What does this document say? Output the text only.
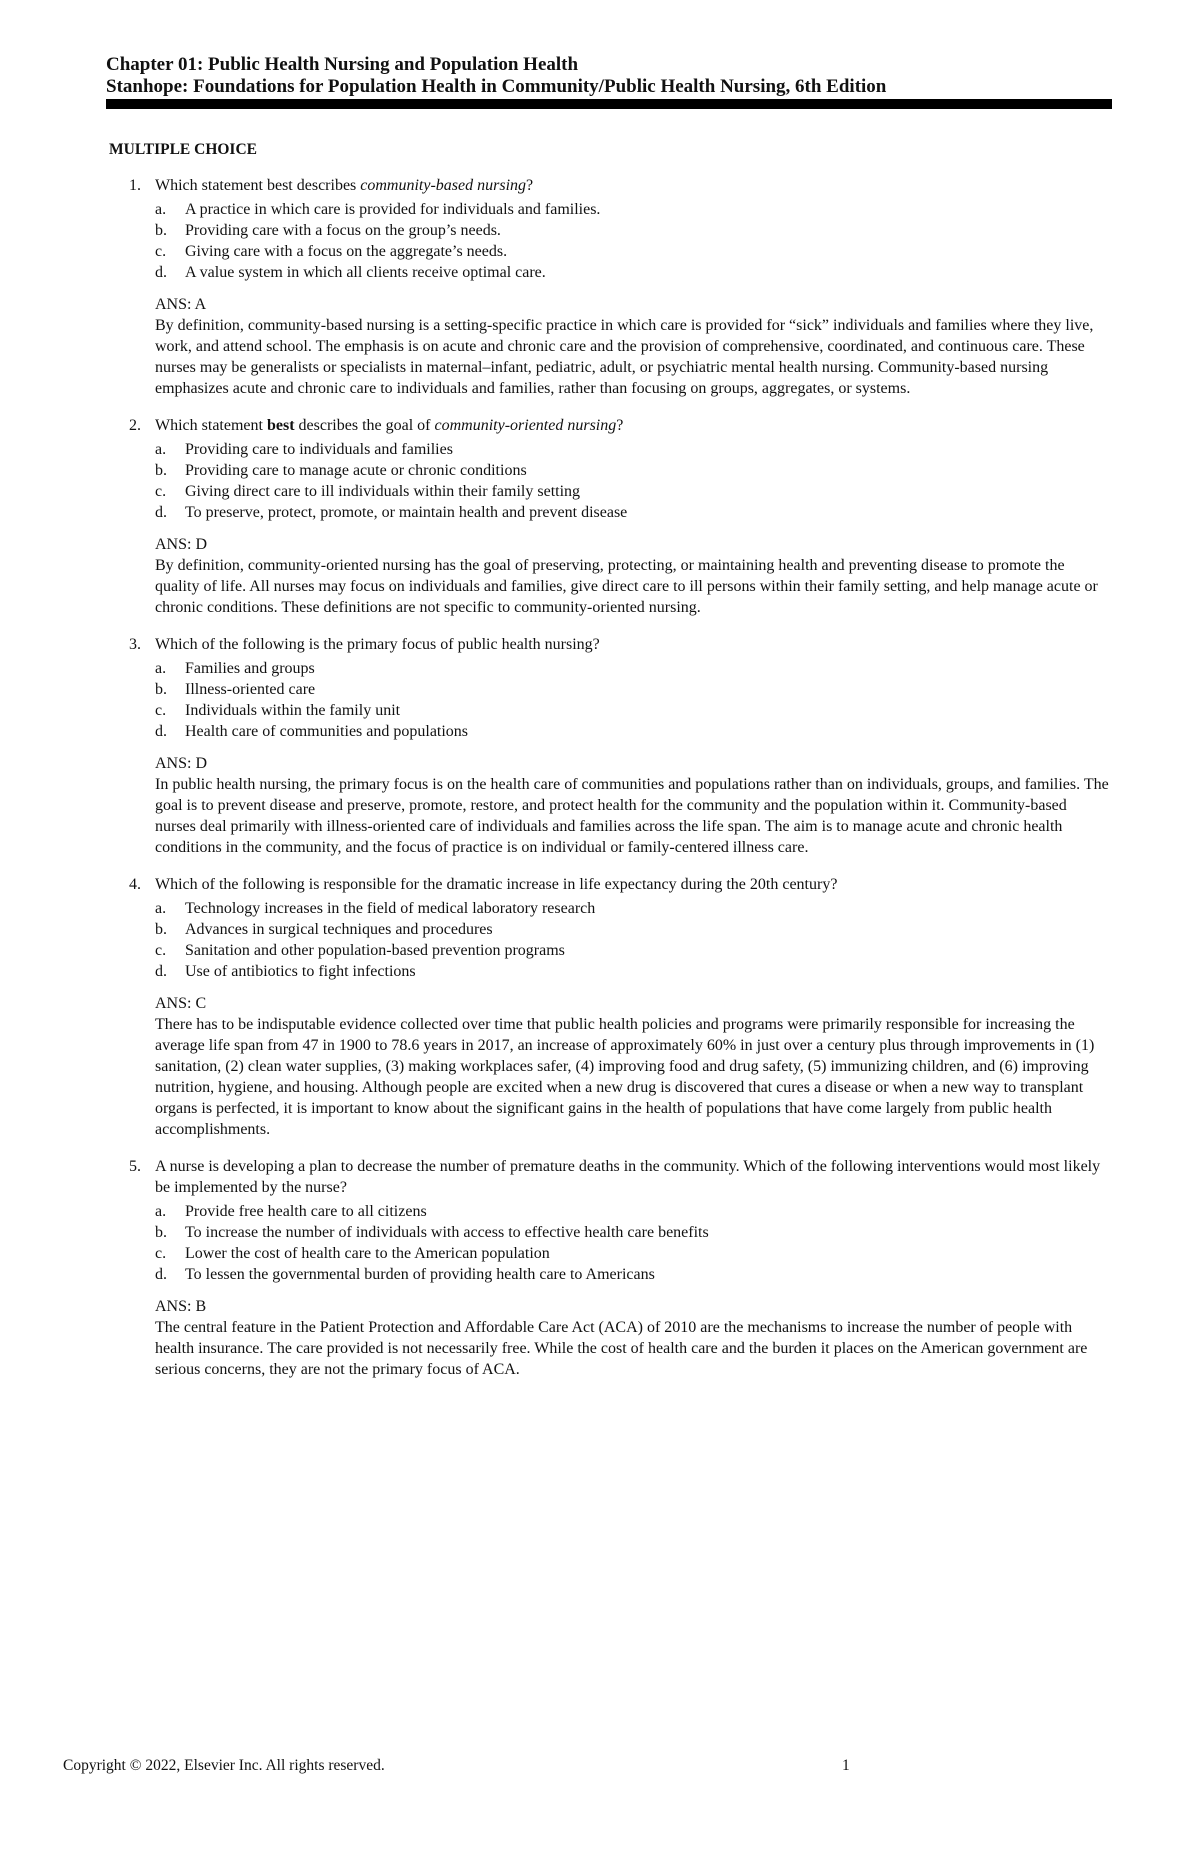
Chapter 01: Public Health Nursing and Population Health

Stanhope: Foundations for Population Health in Community/Public Health Nursing, 6th Edition

MULTIPLE CHOICE
1. Which statement best describes community-based nursing?

a. A practice in which care is provided for individuals and families.
b. Providing care with a focus on the group’s needs.
c. Giving care with a focus on the aggregate’s needs.
d. A value system in which all clients receive optimal care.

ANS: A

By definition, community-based nursing is a setting-specific practice in which care is provided for “sick” individuals and families where they live, work, and attend school. The emphasis is on acute and chronic care and the provision of comprehensive, coordinated, and continuous care. These nurses may be generalists or specialists in maternal–infant, pediatric, adult, or psychiatric mental health nursing. Community-based nursing emphasizes acute and chronic care to individuals and families, rather than focusing on groups, aggregates, or systems.

2. Which statement best describes the goal of community-oriented nursing?

a. Providing care to individuals and families
b. Providing care to manage acute or chronic conditions
c. Giving direct care to ill individuals within their family setting
d. To preserve, protect, promote, or maintain health and prevent disease

ANS: D

By definition, community-oriented nursing has the goal of preserving, protecting, or maintaining health and preventing disease to promote the quality of life. All nurses may focus on individuals and families, give direct care to ill persons within their family setting, and help manage acute or chronic conditions. These definitions are not specific to community-oriented nursing.

3. Which of the following is the primary focus of public health nursing?

a. Families and groups
b. Illness-oriented care
c. Individuals within the family unit
d. Health care of communities and populations

ANS: D

In public health nursing, the primary focus is on the health care of communities and populations rather than on individuals, groups, and families. The goal is to prevent disease and preserve, promote, restore, and protect health for the community and the population within it. Community-based nurses deal primarily with illness-oriented care of individuals and families across the life span. The aim is to manage acute and chronic health conditions in the community, and the focus of practice is on individual or family-centered illness care.

4. Which of the following is responsible for the dramatic increase in life expectancy during the 20th century?

a. Technology increases in the field of medical laboratory research
b. Advances in surgical techniques and procedures
c. Sanitation and other population-based prevention programs
d. Use of antibiotics to fight infections

ANS: C

There has to be indisputable evidence collected over time that public health policies and programs were primarily responsible for increasing the average life span from 47 in 1900 to 78.6 years in 2017, an increase of approximately 60% in just over a century plus through improvements in (1) sanitation, (2) clean water supplies, (3) making workplaces safer, (4) improving food and drug safety, (5) immunizing children, and (6) improving nutrition, hygiene, and housing. Although people are excited when a new drug is discovered that cures a disease or when a new way to transplant organs is perfected, it is important to know about the significant gains in the health of populations that have come largely from public health accomplishments.

5. A nurse is developing a plan to decrease the number of premature deaths in the community. Which of the following interventions would most likely be implemented by the nurse?

a. Provide free health care to all citizens
b. To increase the number of individuals with access to effective health care benefits
c. Lower the cost of health care to the American population
d. To lessen the governmental burden of providing health care to Americans

ANS: B

The central feature in the Patient Protection and Affordable Care Act (ACA) of 2010 are the mechanisms to increase the number of people with health insurance. The care provided is not necessarily free. While the cost of health care and the burden it places on the American government are serious concerns, they are not the primary focus of ACA.

Copyright © 2022, Elsevier Inc. All rights reserved.	1
